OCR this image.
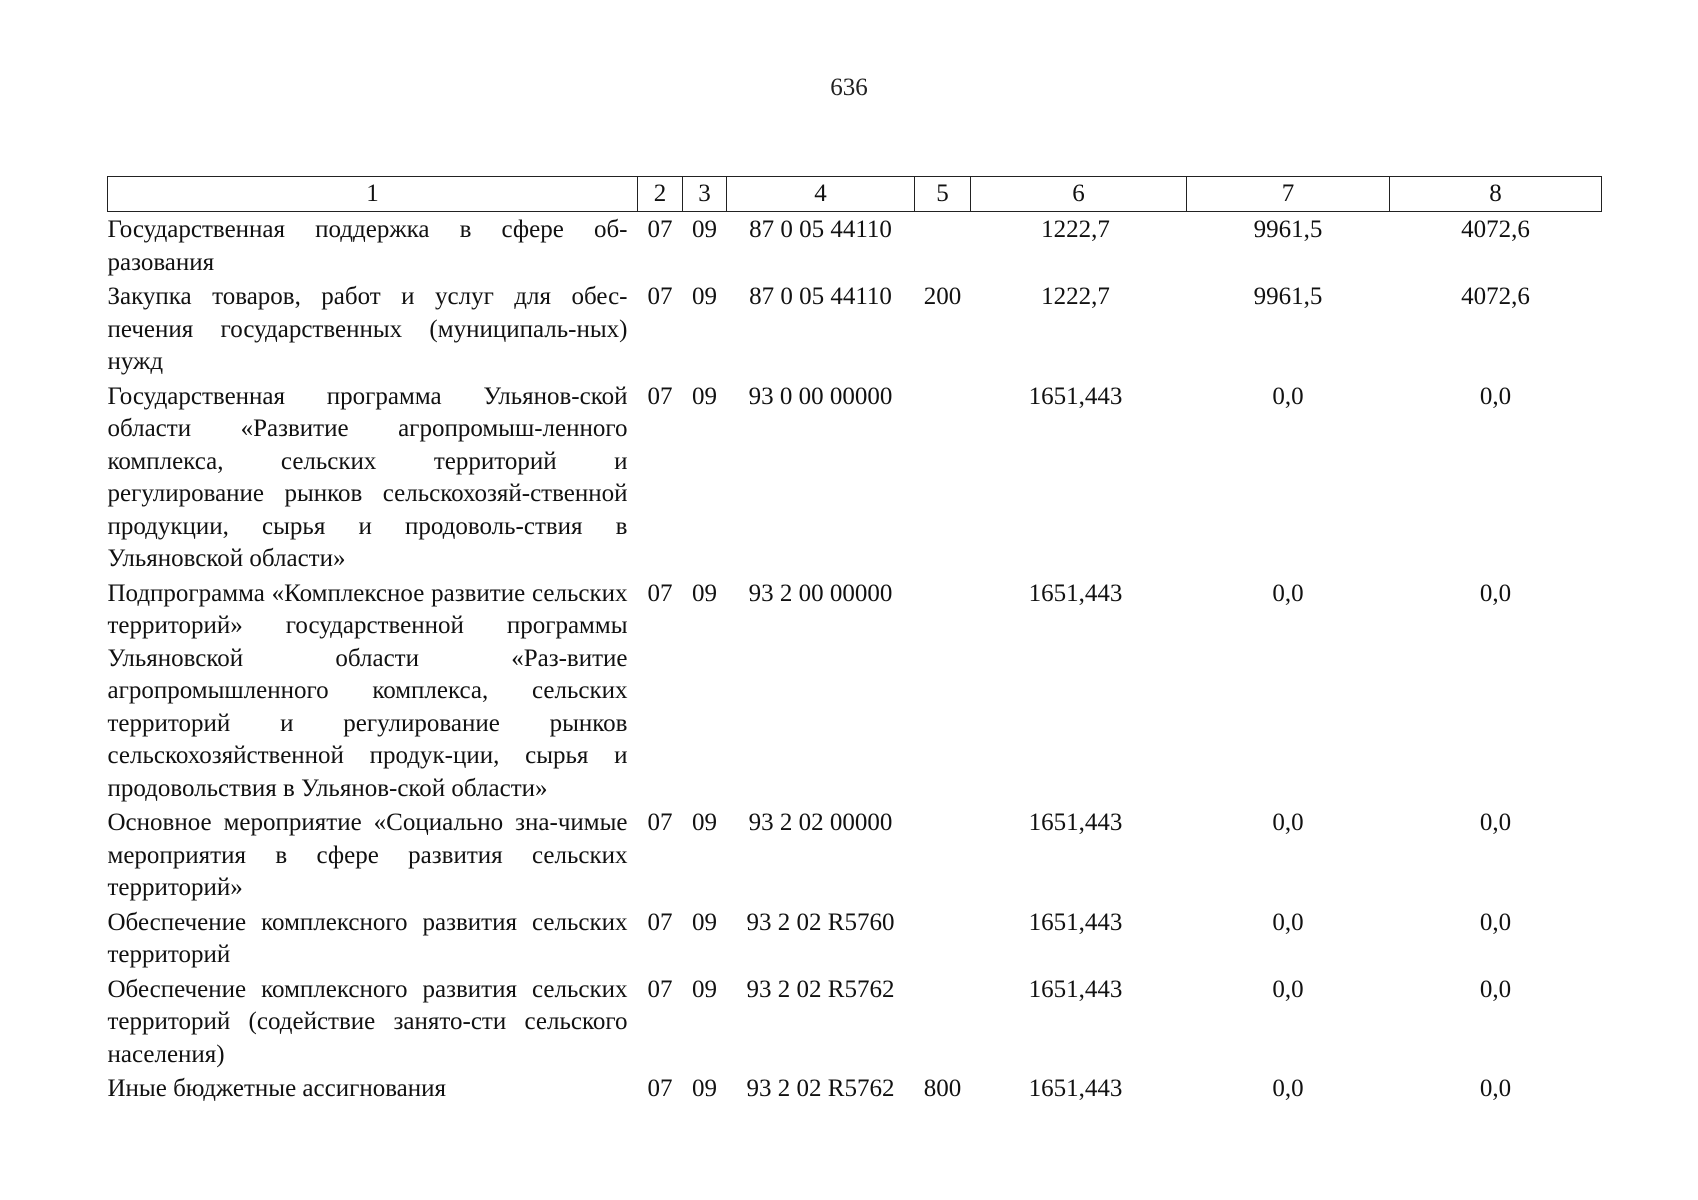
636
1	2	3	4	5	6	7	8
Государственная поддержка в сфере об-разования	07	09	87 0 05 44110		1222,7	9961,5	4072,6
Закупка товаров, работ и услуг для обес-печения государственных (муниципаль-ных) нужд	07	09	87 0 05 44110	200	1222,7	9961,5	4072,6
Государственная программа Ульянов-ской области «Развитие агропромыш-ленного комплекса, сельских территорий и регулирование рынков сельскохозяй-ственной продукции, сырья и продоволь-ствия в Ульяновской области»	07	09	93 0 00 00000		1651,443	0,0	0,0
Подпрограмма «Комплексное развитие сельских территорий» государственной программы Ульяновской области «Раз-витие агропромышленного комплекса, сельских территорий и регулирование рынков сельскохозяйственной продук-ции, сырья и продовольствия в Ульянов-ской области»	07	09	93 2 00 00000		1651,443	0,0	0,0
Основное мероприятие «Социально зна-чимые мероприятия в сфере развития сельских территорий»	07	09	93 2 02 00000		1651,443	0,0	0,0
Обеспечение комплексного развития сельских территорий	07	09	93 2 02 R5760		1651,443	0,0	0,0
Обеспечение комплексного развития сельских территорий (содействие занято-сти сельского населения)	07	09	93 2 02 R5762		1651,443	0,0	0,0
Иные бюджетные ассигнования	07	09	93 2 02 R5762	800	1651,443	0,0	0,0
